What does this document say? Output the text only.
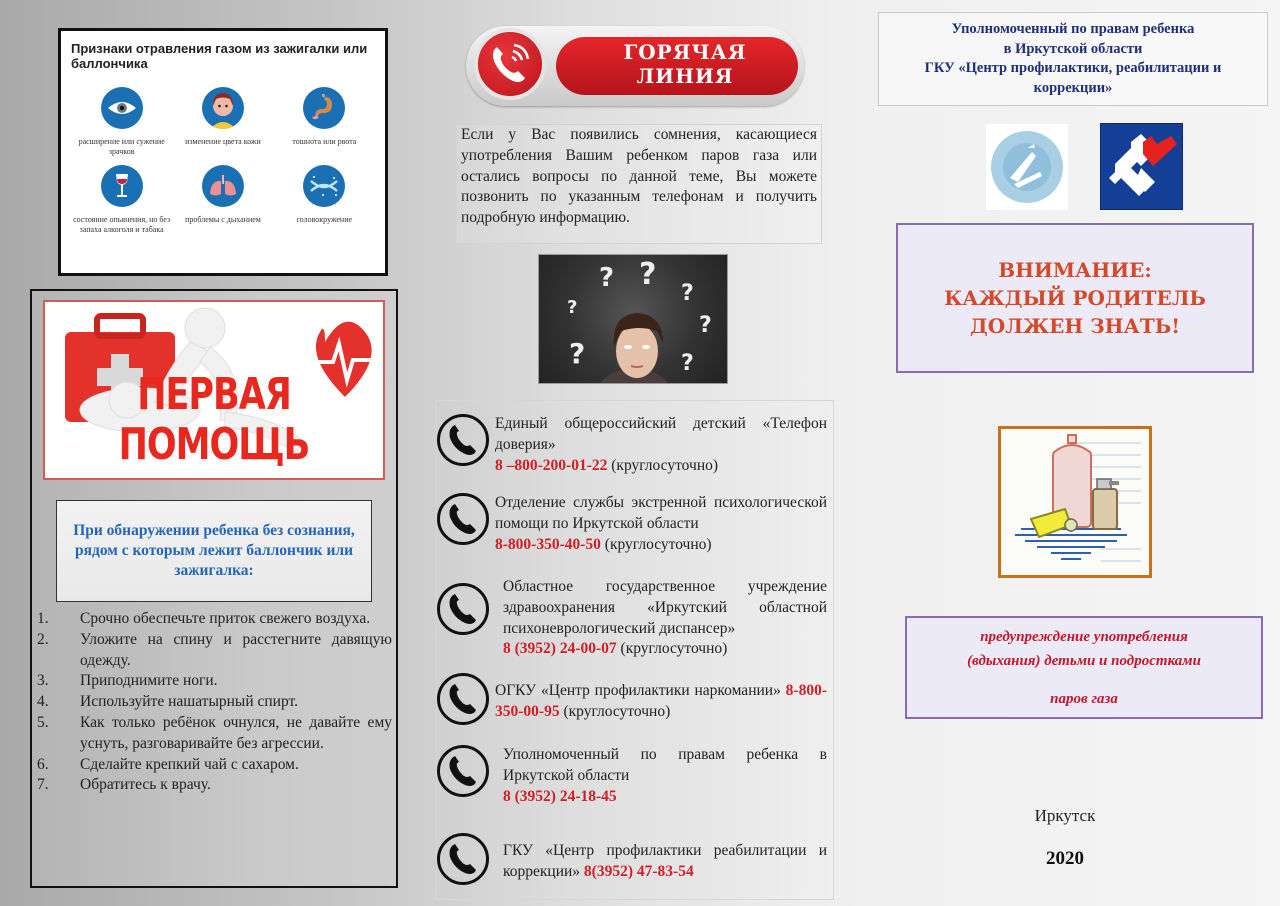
Признаки отравления газом из зажигалки или баллончика
расширение или сужение зрачков
изменение цвета кожи	тошнота или рвота
состояние опьянения, но без запаха алкоголя и табака
проблемы с дыханием	головокружение
ПЕРВАЯ ПОМОЩЬ
При обнаружении ребенка без сознания, рядом с которым лежит баллончик или зажигалка:
1.	Срочно обеспечьте приток свежего воздуха.
2.	Уложите на спину и расстегните давящую одежду.
3.	Приподнимите ноги.
4.	Используйте нашатырный спирт.
5.	Как только ребёнок очнулся, не давайте ему уснуть, разговаривайте без агрессии.
6.	Сделайте крепкий чай с сахаром.
7.	Обратитесь к врачу.
ГОРЯЧАЯ
ЛИНИЯ
Если у Вас появились сомнения, касающиеся употребления Вашим ребенком паров газа или остались вопросы по данной теме, Вы можете позвонить по указанным телефонам и получить подробную информацию.
? ?
?
?
?
?	?
Единый общероссийский детский «Телефон доверия»
8 –800-200-01-22 (круглосуточно)
Отделение службы экстренной психологической помощи по Иркутской области
8-800-350-40-50 (круглосуточно)
Областное государственное учреждение здравоохранения «Иркутский областной психоневрологический диспансер»
8 (3952) 24-00-07 (круглосуточно)
ОГКУ «Центр профилактики наркомании» 8-800-350-00-95 (круглосуточно)
Уполномоченный по правам ребенка в Иркутской области
8 (3952) 24-18-45
ГКУ «Центр профилактики реабилитации и коррекции» 8(3952) 47-83-54
Уполномоченный по правам ребенка
в Иркутской области
ГКУ «Центр профилактики, реабилитации и
коррекции»
ВНИМАНИЕ:
КАЖДЫЙ РОДИТЕЛЬ
ДОЛЖЕН ЗНАТЬ!
предупреждение употребления
(вдыхания) детьми и подростками
паров газа
Иркутск
2020
